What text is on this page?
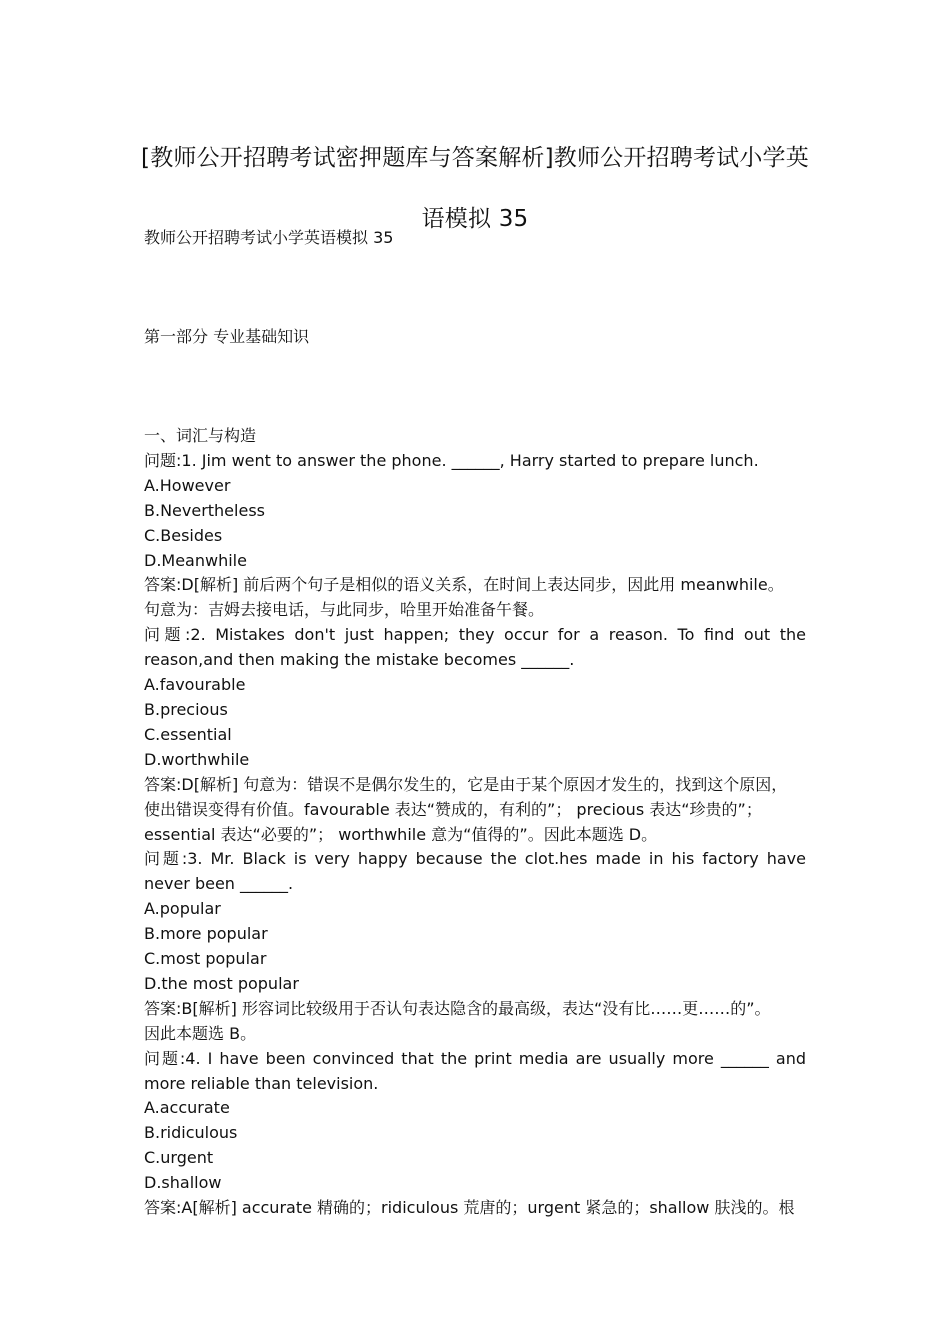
[教师公开招聘考试密押题库与答案解析]教师公开招聘考试小学英
语模拟 35
教师公开招聘考试小学英语模拟 35
第一部分 专业基础知识
一、词汇与构造
问题:1. Jim went to answer the phone. ______, Harry started to prepare lunch.
A.However
B.Nevertheless
C.Besides
D.Meanwhile
答案:D[解析] 前后两个句子是相似的语义关系，在时间上表达同步，因此用 meanwhile。
句意为：吉姆去接电话，与此同步，哈里开始准备午餐。
问题:2. Mistakes don't just happen; they occur for a reason. To find out the
reason,and then making the mistake becomes ______.
A.favourable
B.precious
C.essential
D.worthwhile
答案:D[解析] 句意为：错误不是偶尔发生的，它是由于某个原因才发生的，找到这个原因，
使出错误变得有价值。favourable 表达“赞成的，有利的”； precious 表达“珍贵的”；
essential 表达“必要的”； worthwhile 意为“值得的”。因此本题选 D。
问题:3. Mr. Black is very happy because the clot.hes made in his factory have
never been ______.
A.popular
B.more popular
C.most popular
D.the most popular
答案:B[解析] 形容词比较级用于否认句表达隐含的最高级，表达“没有比……更……的”。
因此本题选 B。
问题:4. I have been convinced that the print media are usually more ______ and
more reliable than television.
A.accurate
B.ridiculous
C.urgent
D.shallow
答案:A[解析] accurate 精确的；ridiculous 荒唐的；urgent 紧急的；shallow 肤浅的。根
